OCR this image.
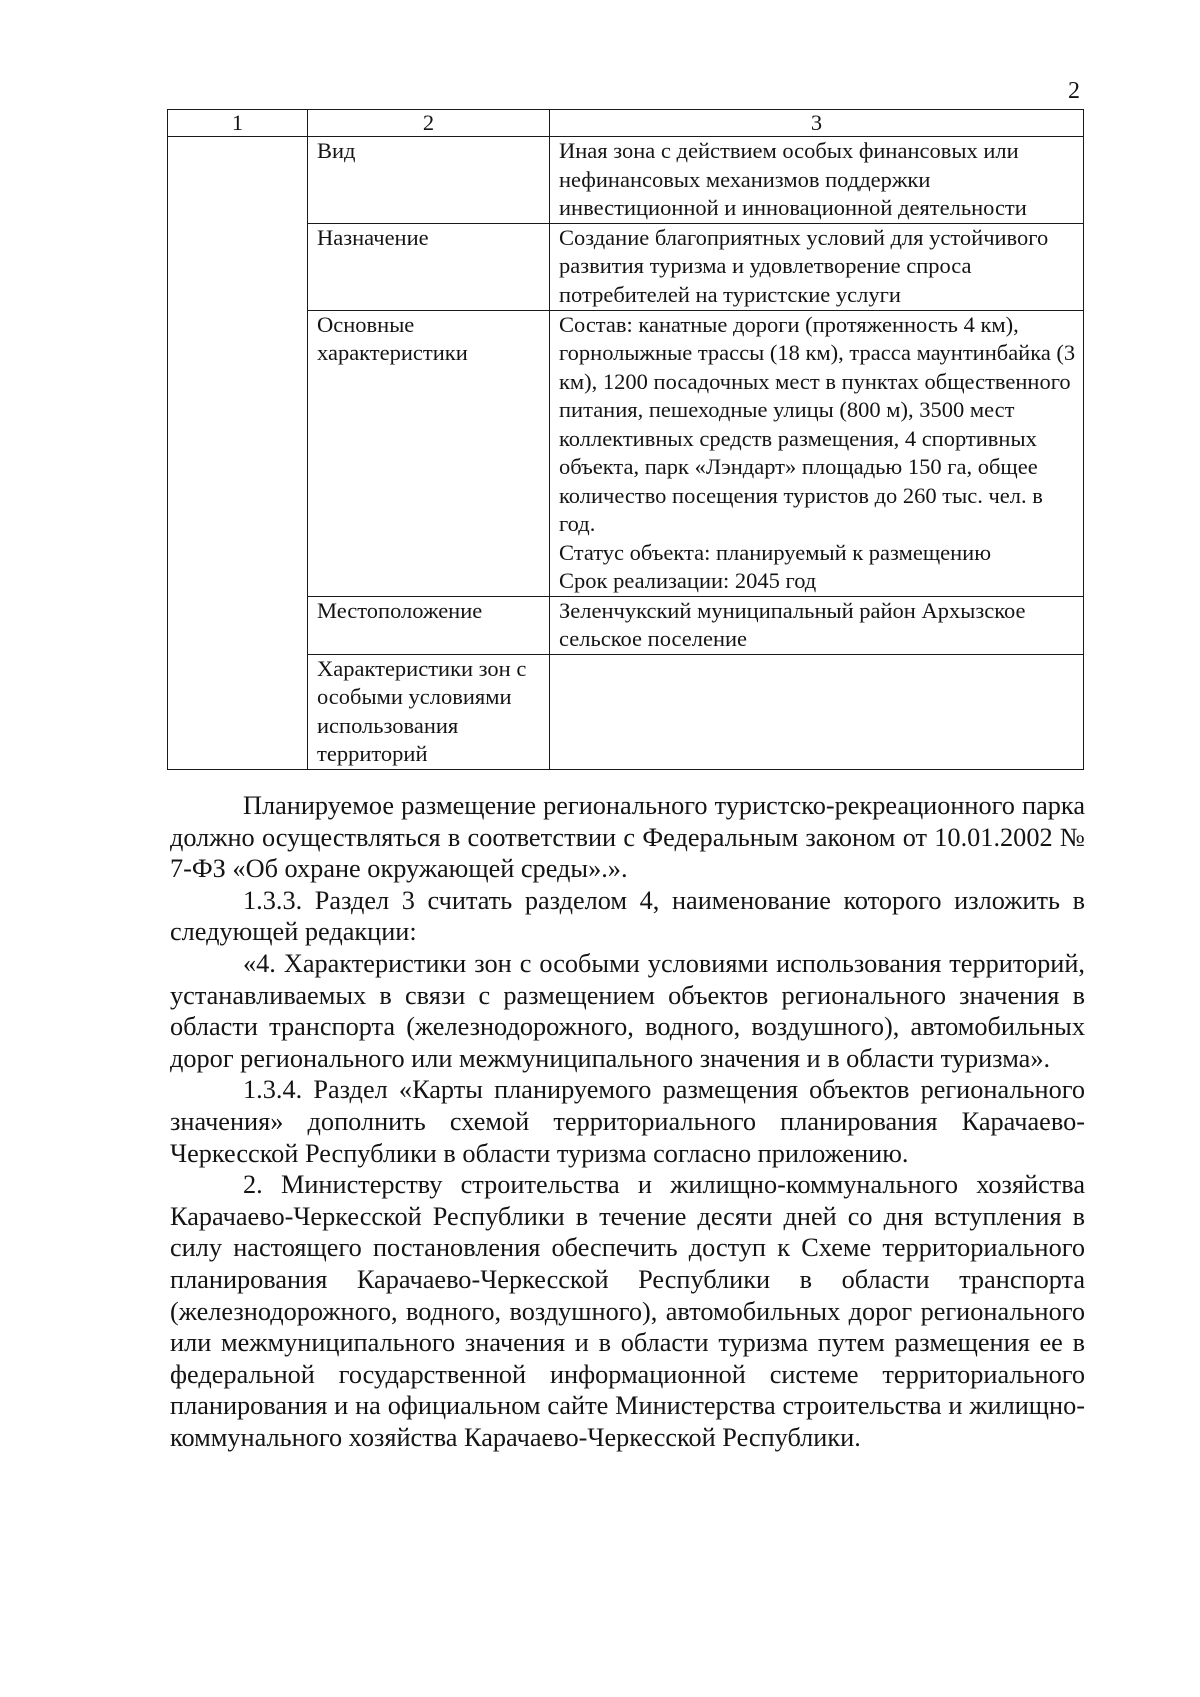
2
1	2	3
	Вид	Иная зона с действием особых финансовых или нефинансовых механизмов поддержки инвестиционной и инновационной деятельности
	Назначение	Создание благоприятных условий для устойчивого развития туризма и удовлетворение спроса потребителей на туристские услуги
	Основные характеристики	Состав: канатные дороги (протяженность 4 км), горнолыжные трассы (18 км), трасса маунтинбайка (3 км), 1200 посадочных мест в пунктах общественного питания, пешеходные улицы (800 м), 3500 мест коллективных средств размещения, 4 спортивных объекта, парк «Лэндарт» площадью 150 га, общее количество посещения туристов до 260 тыс. чел. в год.
Статус объекта: планируемый к размещению
Срок реализации: 2045 год

	Местоположение	Зеленчукский муниципальный район Архызское сельское поселение
	Характеристики зон с особыми условиями использования территорий	

Планируемое размещение регионального туристско-рекреационного парка должно осуществляться в соответствии с Федеральным законом от 10.01.2002 № 7-ФЗ «Об охране окружающей среды».».

1.3.3. Раздел 3 считать разделом 4, наименование которого изложить в следующей редакции:

«4. Характеристики зон с особыми условиями использования территорий, устанавливаемых в связи с размещением объектов регионального значения в области транспорта (железнодорожного, водного, воздушного), автомобильных дорог регионального или межмуниципального значения и в области туризма».

1.3.4. Раздел «Карты планируемого размещения объектов регионального значения» дополнить схемой территориального планирования Карачаево-Черкесской Республики в области туризма согласно приложению.

2. Министерству строительства и жилищно-коммунального хозяйства Карачаево-Черкесской Республики в течение десяти дней со дня вступления в силу настоящего постановления обеспечить доступ к Схеме территориального планирования Карачаево-Черкесской Республики в области транспорта (железнодорожного, водного, воздушного), автомобильных дорог регионального или межмуниципального значения и в области туризма путем размещения ее в федеральной государственной информационной системе территориального планирования и на официальном сайте Министерства строительства и жилищно-коммунального хозяйства Карачаево-Черкесской Республики.
